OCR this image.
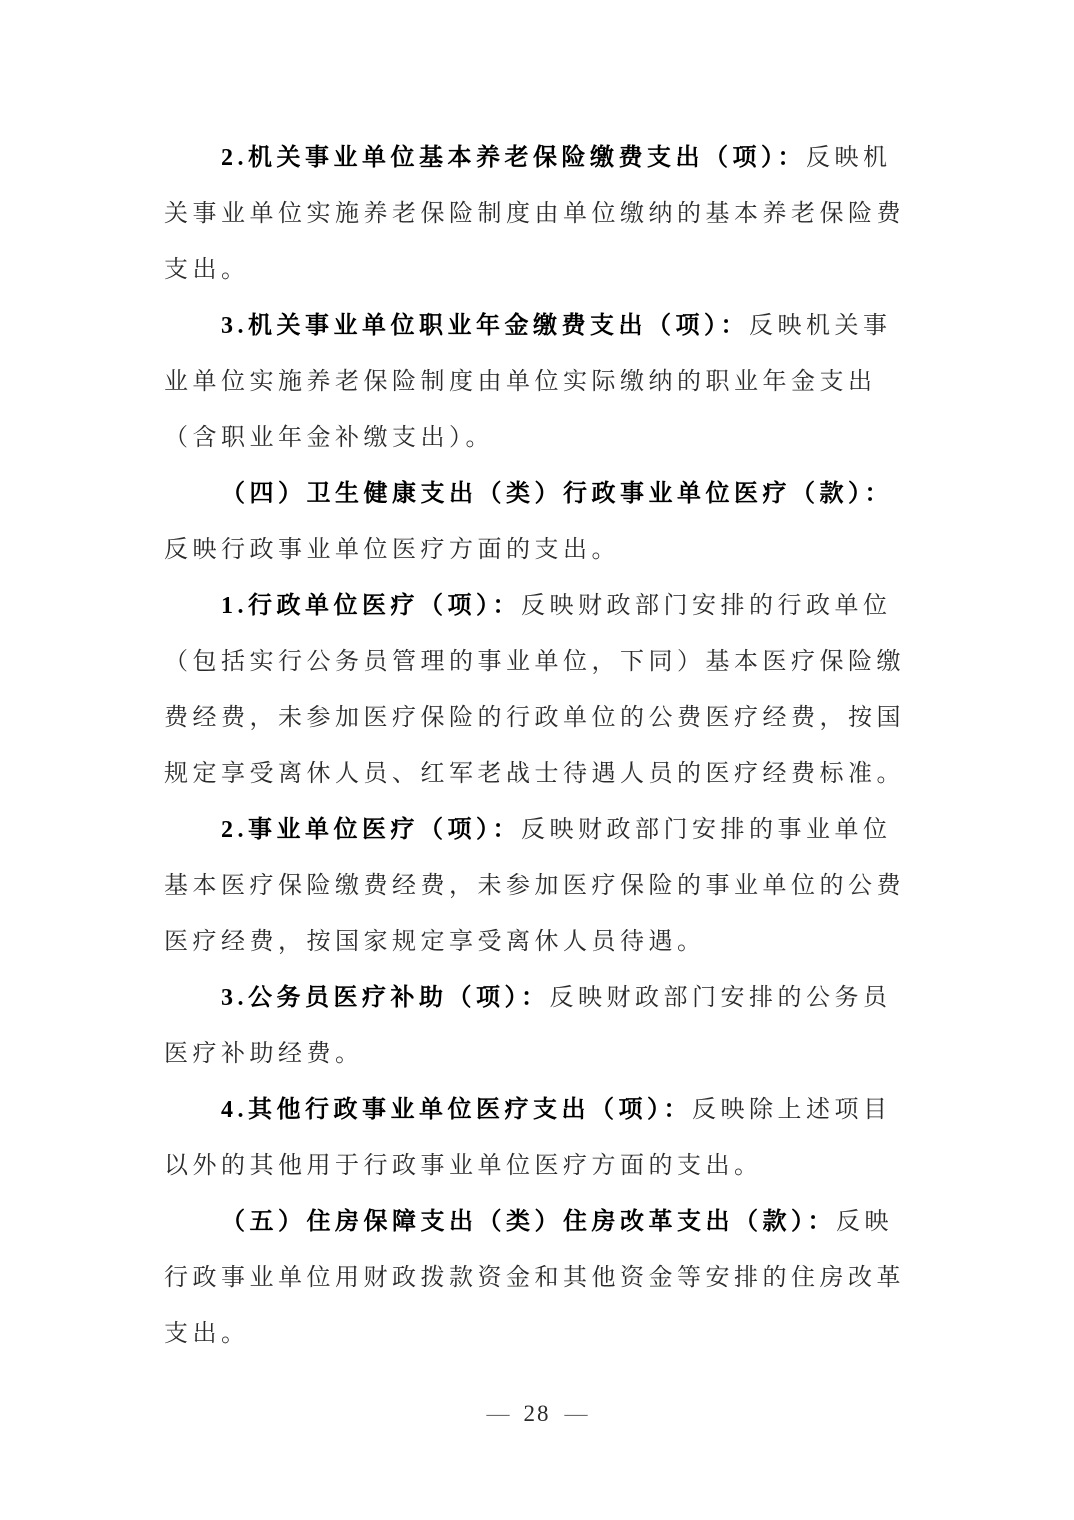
2.机关事业单位基本养老保险缴费支出（项）：反映机关事业单位实施养老保险制度由单位缴纳的基本养老保险费支出。

3.机关事业单位职业年金缴费支出（项）：反映机关事业单位实施养老保险制度由单位实际缴纳的职业年金支出（含职业年金补缴支出）。

（四）卫生健康支出（类）行政事业单位医疗（款）：反映行政事业单位医疗方面的支出。

1.行政单位医疗（项）：反映财政部门安排的行政单位（包括实行公务员管理的事业单位，下同）基本医疗保险缴费经费，未参加医疗保险的行政单位的公费医疗经费，按国规定享受离休人员、红军老战士待遇人员的医疗经费标准。

2.事业单位医疗（项）：反映财政部门安排的事业单位基本医疗保险缴费经费，未参加医疗保险的事业单位的公费医疗经费，按国家规定享受离休人员待遇。

3.公务员医疗补助（项）：反映财政部门安排的公务员医疗补助经费。

4.其他行政事业单位医疗支出（项）：反映除上述项目以外的其他用于行政事业单位医疗方面的支出。

（五）住房保障支出（类）住房改革支出（款）：反映行政事业单位用财政拨款资金和其他资金等安排的住房改革支出。

— 28 —
